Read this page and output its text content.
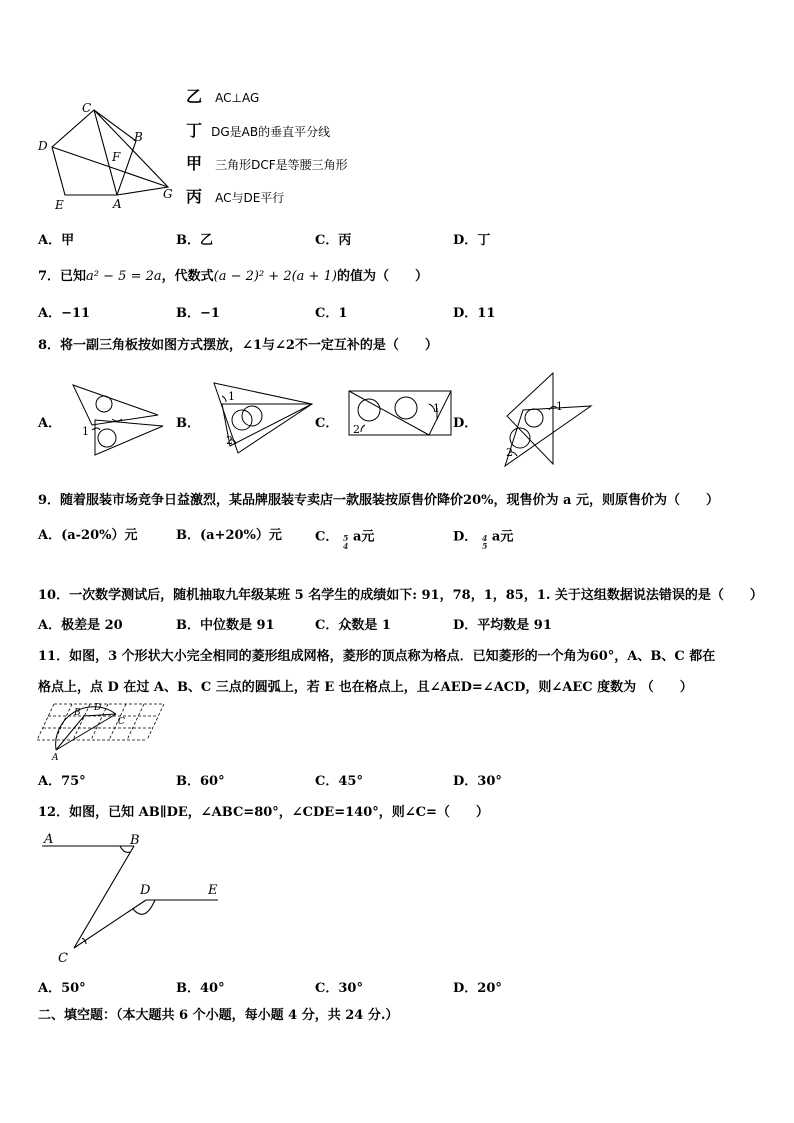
C
B
D
F
E	A
G
乙 AC⊥AG
丁 DG是AB的垂直平分线
甲 三角形DCF是等腰三角形
丙 AC与DE平行
A．甲	B．乙	C．丙	D．丁
7．已知a² − 5 = 2a，代数式(a − 2)² + 2(a + 1)的值为（　　）
A．−11	B．−1	C．1	D．11
8．将一副三角板按如图方式摆放，∠1与∠2不一定互补的是（　　）
A．
1
B．
1
2
C． 2
1
D．
1
2
9．随着服装市场竞争日益激烈，某品牌服装专卖店一款服装按原售价降价20%，现售价为 a 元，则原售价为（　　）
A．(a-20%）元	B．(a+20%）元	C． 5
4 a元	D． 4
5 a元
10．一次数学测试后，随机抽取九年级某班 5 名学生的成绩如下: 91，78，1，85，1. 关于这组数据说法错误的是（　　）
A．极差是 20	B．中位数是 91	C．众数是 1	D．平均数是 91
11．如图，3 个形状大小完全相同的菱形组成网格，菱形的顶点称为格点．已知菱形的一个角为60°，A、B、C 都在
格点上，点 D 在过 A、B、C 三点的圆弧上，若 E 也在格点上，且∠AED=∠ACD，则∠AEC 度数为 （　　）
B D
C
A
A．75°	B．60°	C．45°	D．30°
12．如图，已知 AB∥DE，∠ABC=80°，∠CDE=140°，则∠C=（　　）
A	B
D	E
C
A．50°	B．40°	C．30°	D．20°
二、填空题：（本大题共 6 个小题，每小题 4 分，共 24 分.）
